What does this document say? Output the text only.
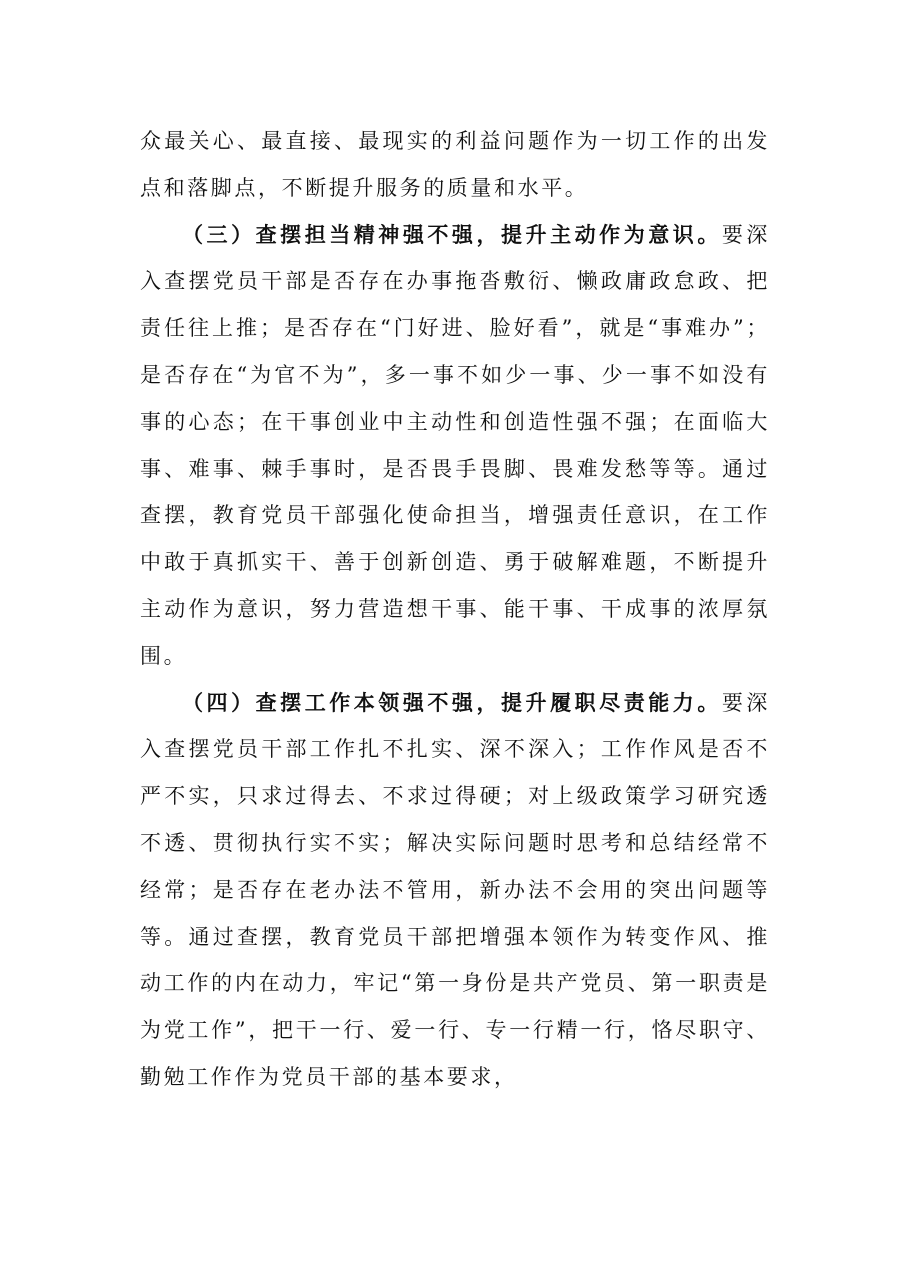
众最关心、最直接、最现实的利益问题作为一切工作的出发点和落脚点，不断提升服务的质量和水平。

（三）查摆担当精神强不强，提升主动作为意识。要深入查摆党员干部是否存在办事拖沓敷衍、懒政庸政怠政、把责任往上推；是否存在“门好进、脸好看”，就是“事难办”；是否存在“为官不为”，多一事不如少一事、少一事不如没有事的心态；在干事创业中主动性和创造性强不强；在面临大事、难事、棘手事时，是否畏手畏脚、畏难发愁等等。通过查摆，教育党员干部强化使命担当，增强责任意识，在工作中敢于真抓实干、善于创新创造、勇于破解难题，不断提升主动作为意识，努力营造想干事、能干事、干成事的浓厚氛围。

（四）查摆工作本领强不强，提升履职尽责能力。要深入查摆党员干部工作扎不扎实、深不深入；工作作风是否不严不实，只求过得去、不求过得硬；对上级政策学习研究透不透、贯彻执行实不实；解决实际问题时思考和总结经常不经常；是否存在老办法不管用，新办法不会用的突出问题等等。通过查摆，教育党员干部把增强本领作为转变作风、推动工作的内在动力，牢记“第一身份是共产党员、第一职责是为党工作”，把干一行、爱一行、专一行精一行，恪尽职守、勤勉工作作为党员干部的基本要求，
